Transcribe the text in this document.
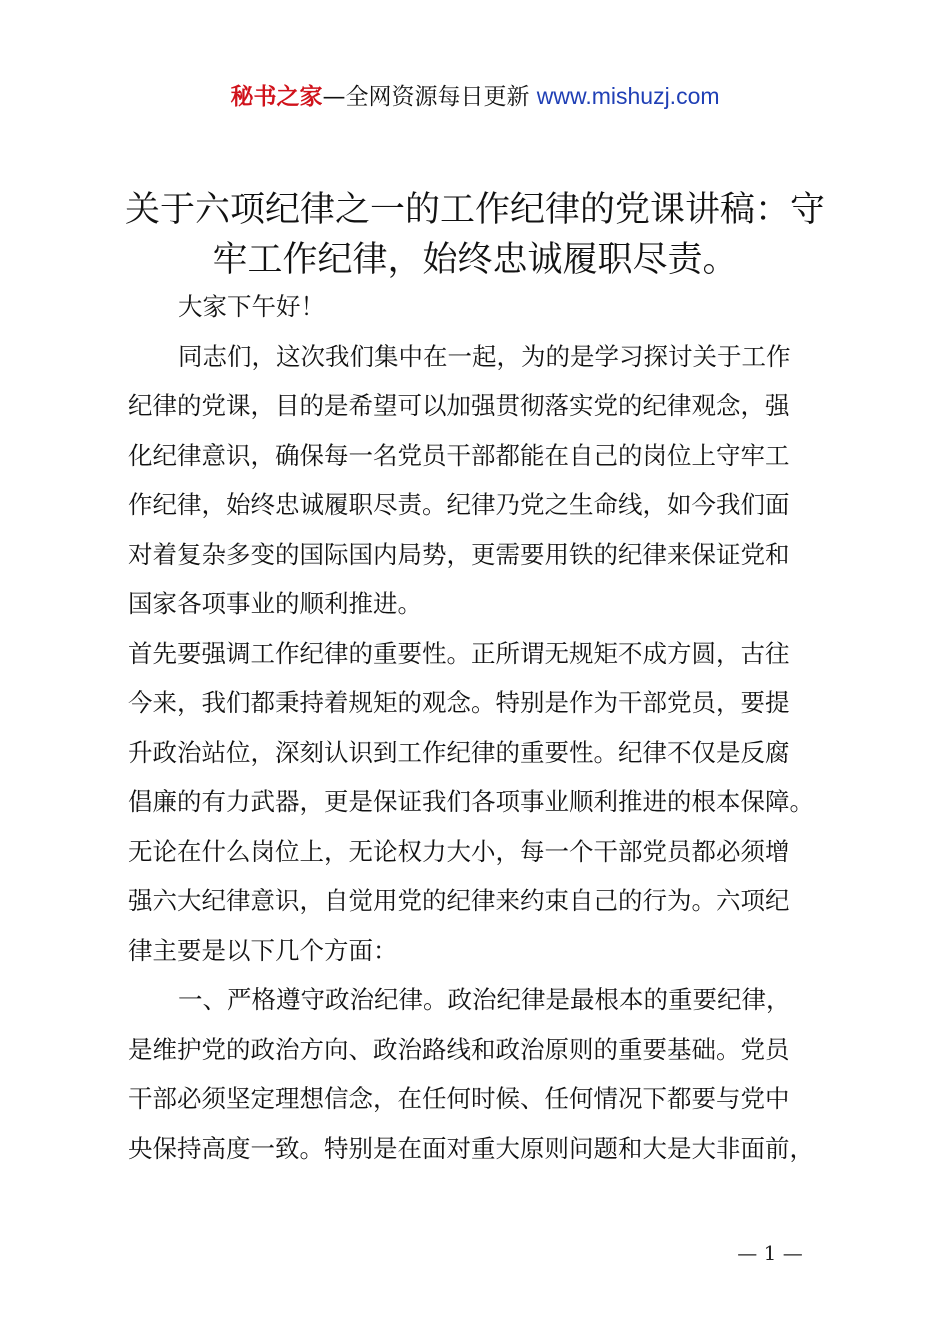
秘书之家—全网资源每日更新 www.mishuzj.com
关于六项纪律之一的工作纪律的党课讲稿：守
牢工作纪律，始终忠诚履职尽责。
大家下午好！
同志们，这次我们集中在一起，为的是学习探讨关于工作
纪律的党课，目的是希望可以加强贯彻落实党的纪律观念，强
化纪律意识，确保每一名党员干部都能在自己的岗位上守牢工
作纪律，始终忠诚履职尽责。纪律乃党之生命线，如今我们面
对着复杂多变的国际国内局势，更需要用铁的纪律来保证党和
国家各项事业的顺利推进。
首先要强调工作纪律的重要性。正所谓无规矩不成方圆，古往
今来，我们都秉持着规矩的观念。特别是作为干部党员，要提
升政治站位，深刻认识到工作纪律的重要性。纪律不仅是反腐
倡廉的有力武器，更是保证我们各项事业顺利推进的根本保障。
无论在什么岗位上，无论权力大小，每一个干部党员都必须增
强六大纪律意识，自觉用党的纪律来约束自己的行为。六项纪
律主要是以下几个方面：
一、严格遵守政治纪律。政治纪律是最根本的重要纪律，
是维护党的政治方向、政治路线和政治原则的重要基础。党员
干部必须坚定理想信念，在任何时候、任何情况下都要与党中
央保持高度一致。特别是在面对重大原则问题和大是大非面前，
— 1 —
